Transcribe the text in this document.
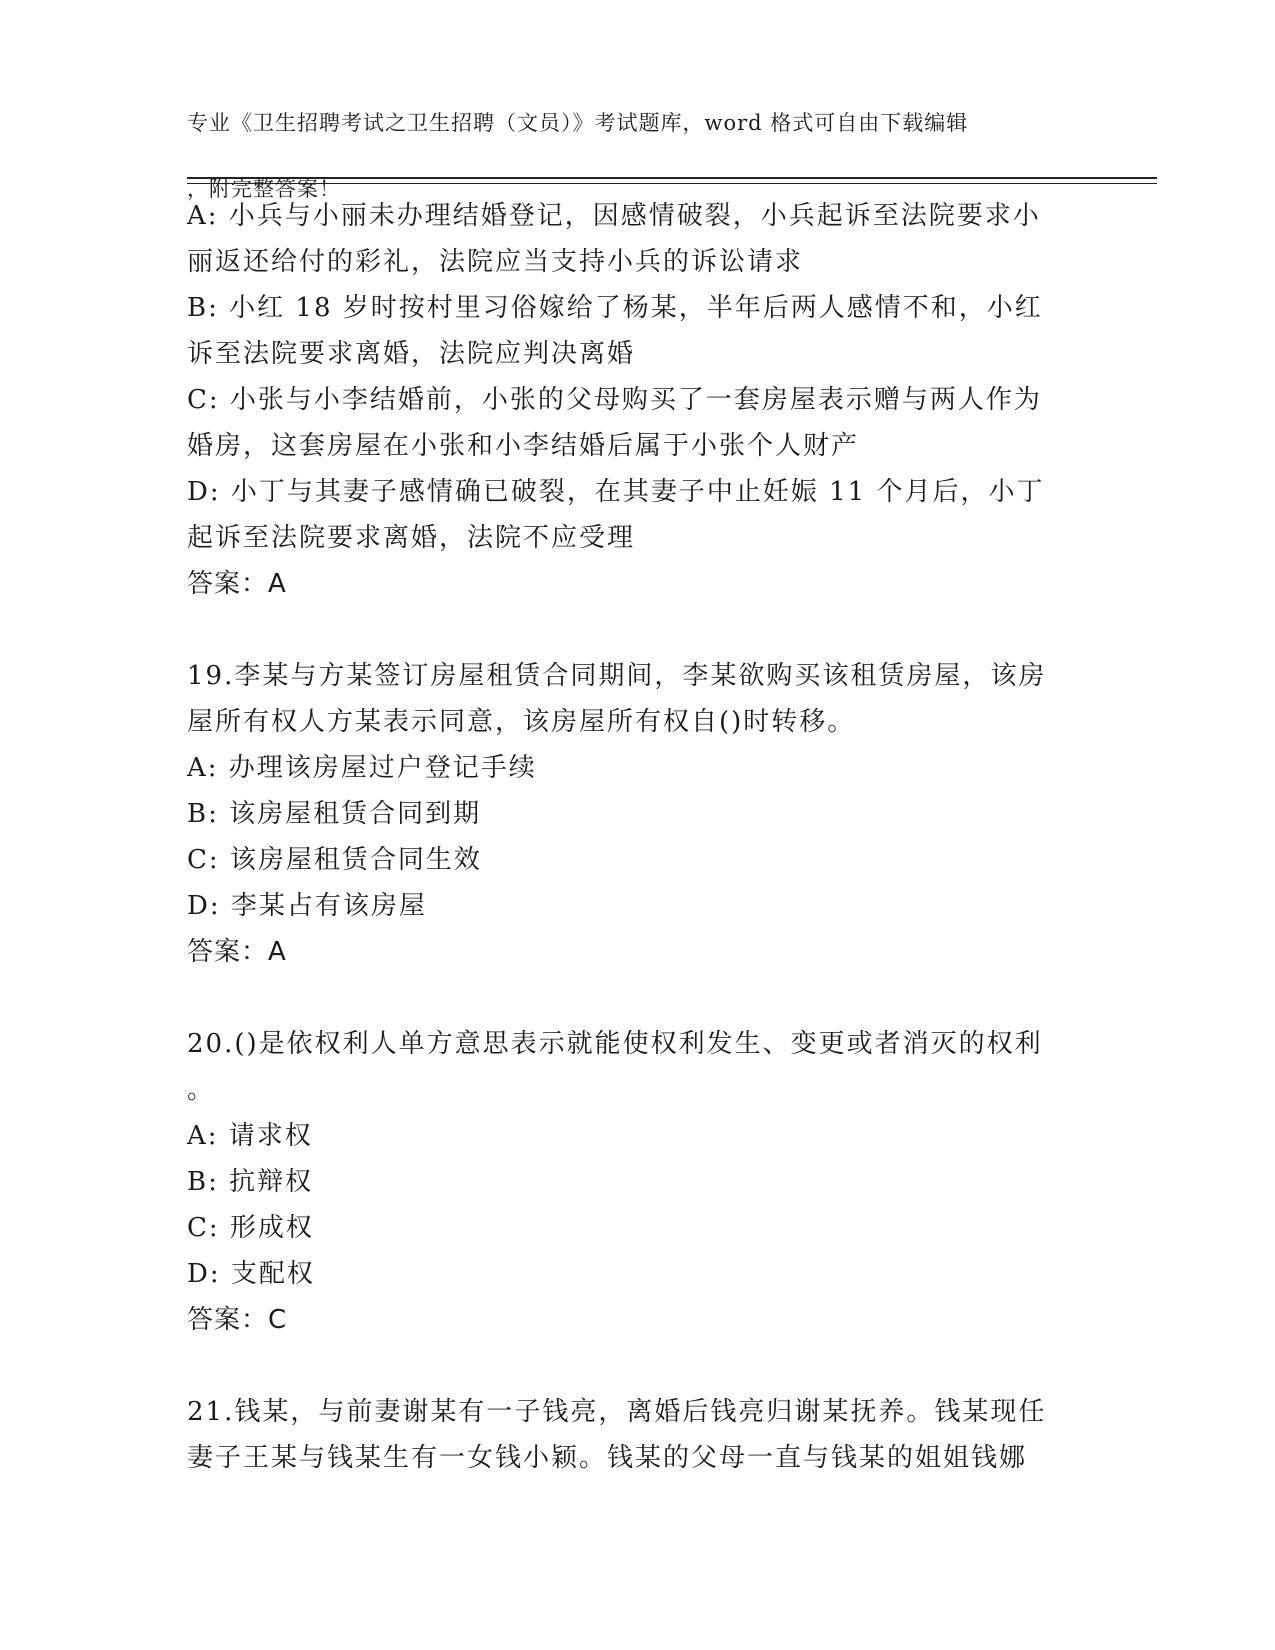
专业《卫生招聘考试之卫生招聘（文员）》考试题库，word 格式可自由下载编辑

，附完整答案！

A: 小兵与小丽未办理结婚登记，因感情破裂，小兵起诉至法院要求小
丽返还给付的彩礼，法院应当支持小兵的诉讼请求
B: 小红 18 岁时按村里习俗嫁给了杨某，半年后两人感情不和，小红
诉至法院要求离婚，法院应判决离婚
C: 小张与小李结婚前，小张的父母购买了一套房屋表示赠与两人作为
婚房，这套房屋在小张和小李结婚后属于小张个人财产
D: 小丁与其妻子感情确已破裂，在其妻子中止妊娠 11 个月后，小丁
起诉至法院要求离婚，法院不应受理
答案：A
19.李某与方某签订房屋租赁合同期间，李某欲购买该租赁房屋，该房
屋所有权人方某表示同意，该房屋所有权自()时转移。
A: 办理该房屋过户登记手续
B: 该房屋租赁合同到期
C: 该房屋租赁合同生效
D: 李某占有该房屋
答案：A
20.()是依权利人单方意思表示就能使权利发生、变更或者消灭的权利
。
A: 请求权
B: 抗辩权
C: 形成权
D: 支配权
答案：C
21.钱某，与前妻谢某有一子钱亮，离婚后钱亮归谢某抚养。钱某现任
妻子王某与钱某生有一女钱小颖。钱某的父母一直与钱某的姐姐钱娜
